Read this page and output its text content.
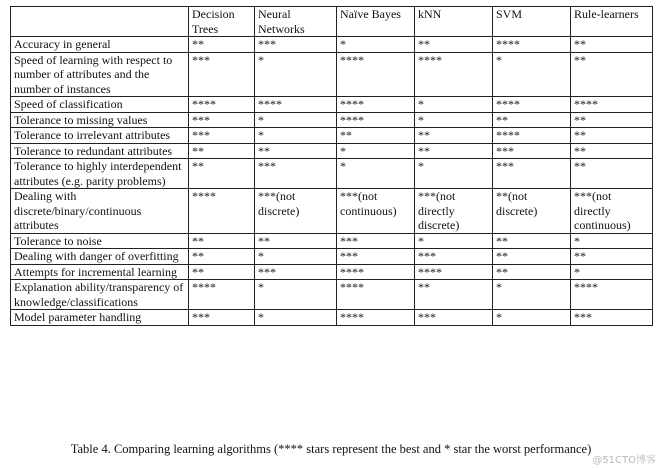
	Decision Trees	Neural Networks	Naïve Bayes	kNN	SVM	Rule-learners
Accuracy in general	**	***	*	**	****	**
Speed of learning with respect to number of attributes and the number of instances	***	*	****	****	*	**
Speed of classification	****	****	****	*	****	****
Tolerance to missing values	***	*	****	*	**	**
Tolerance to irrelevant attributes	***	*	**	**	****	**
Tolerance to redundant attributes	**	**	*	**	***	**
Tolerance to highly interdependent attributes (e.g. parity problems)	**	***	*	*	***	**
Dealing with discrete/binary/continuous attributes	****	***(not discrete)	***(not continuous)	***(not directly discrete)	**(not discrete)	***(not directly continuous)
Tolerance to noise	**	**	***	*	**	*
Dealing with danger of overfitting	**	*	***	***	**	**
Attempts for incremental learning	**	***	****	****	**	*
Explanation ability/transparency of knowledge/classifications	****	*	****	**	*	****
Model parameter handling	***	*	****	***	*	***
Table 4. Comparing learning algorithms (**** stars represent the best and * star the worst performance)
@51CTO博客
